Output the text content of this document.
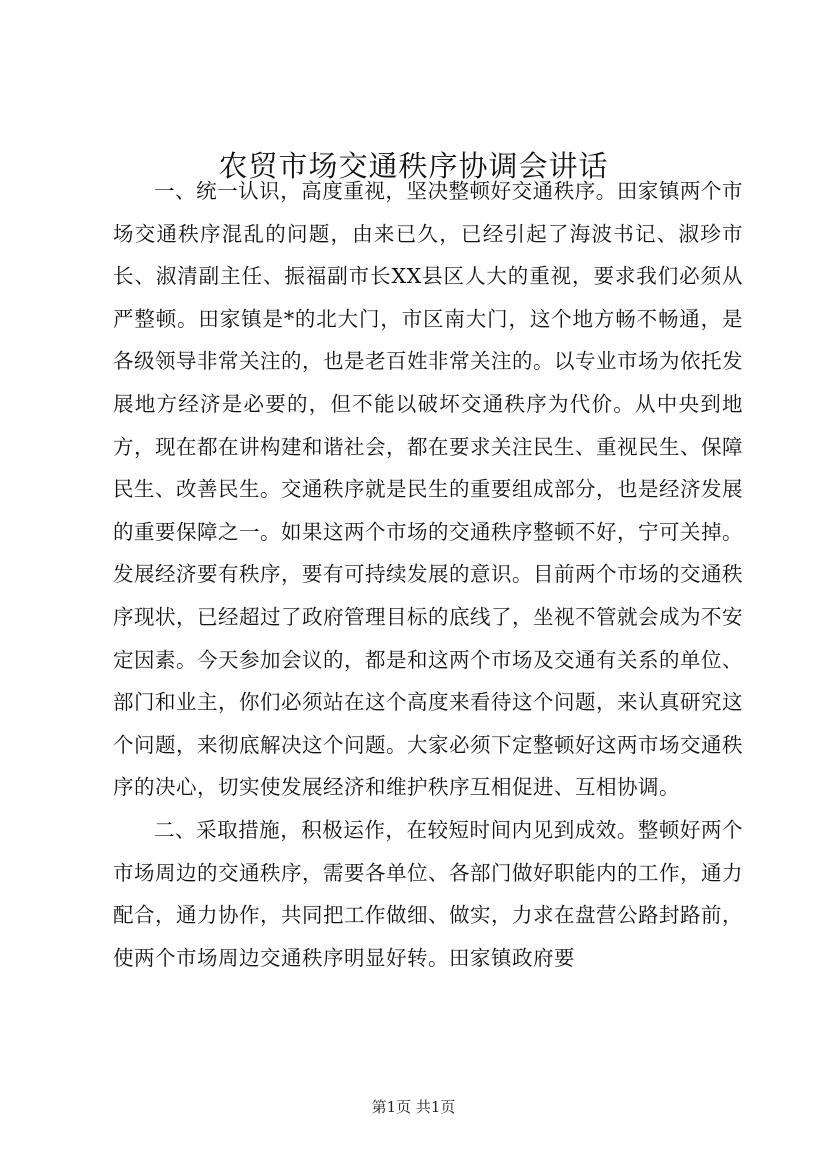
农贸市场交通秩序协调会讲话

一、统一认识，高度重视，坚决整顿好交通秩序。田家镇两个市场交通秩序混乱的问题，由来已久，已经引起了海波书记、淑珍市长、淑清副主任、振福副市长XX县区人大的重视，要求我们必须从严整顿。田家镇是*的北大门，市区南大门，这个地方畅不畅通，是各级领导非常关注的，也是老百姓非常关注的。以专业市场为依托发展地方经济是必要的，但不能以破坏交通秩序为代价。从中央到地方，现在都在讲构建和谐社会，都在要求关注民生、重视民生、保障民生、改善民生。交通秩序就是民生的重要组成部分，也是经济发展的重要保障之一。如果这两个市场的交通秩序整顿不好，宁可关掉。发展经济要有秩序，要有可持续发展的意识。目前两个市场的交通秩序现状，已经超过了政府管理目标的底线了，坐视不管就会成为不安定因素。今天参加会议的，都是和这两个市场及交通有关系的单位、部门和业主，你们必须站在这个高度来看待这个问题，来认真研究这个问题，来彻底解决这个问题。大家必须下定整顿好这两市场交通秩序的决心，切实使发展经济和维护秩序互相促进、互相协调。

二、采取措施，积极运作，在较短时间内见到成效。整顿好两个市场周边的交通秩序，需要各单位、各部门做好职能内的工作，通力配合，通力协作，共同把工作做细、做实，力求在盘营公路封路前，使两个市场周边交通秩序明显好转。田家镇政府要

第1页 共1页
